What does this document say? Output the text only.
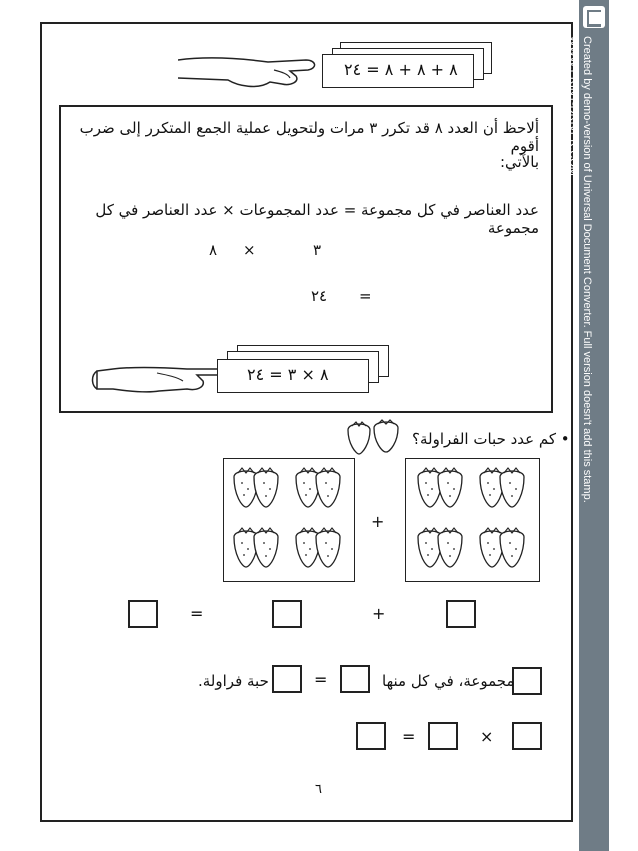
٨ + ٨ + ٨ = ٢٤
ألاحظ أن العدد ٨ قد تكرر ٣ مرات ولتحويل عملية الجمع المتكرر إلى ضرب أقوم
بالآتي:
عدد العناصر في كل مجموعة = عدد المجموعات × عدد العناصر في كل مجموعة
٨ ×	٣
٢٤ =
٨ × ٣ = ٢٤
• كم عدد حبات الفراولة؟
+
+
=
مجموعة، في كل منها
=
حبة فراولة.
×
=
٦
Created by demo-version of Universal Document Converter. Full version doesn't add this stamp.
WWW.PRINT-DRIVER.COM
